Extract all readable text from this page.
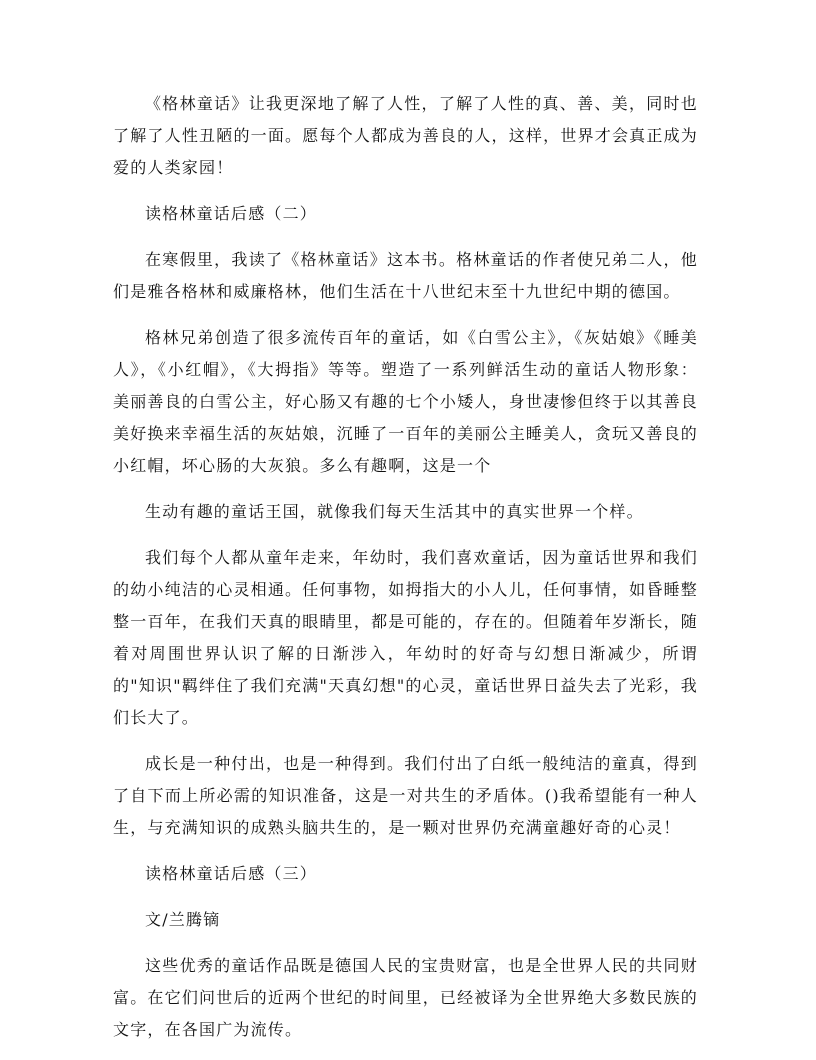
《格林童话》让我更深地了解了人性，了解了人性的真、善、美，同时也了解了人性丑陋的一面。愿每个人都成为善良的人，这样，世界才会真正成为爱的人类家园！

读格林童话后感（二）

在寒假里，我读了《格林童话》这本书。格林童话的作者使兄弟二人，他们是雅各格林和威廉格林，他们生活在十八世纪末至十九世纪中期的德国。

格林兄弟创造了很多流传百年的童话，如《白雪公主》，《灰姑娘》《睡美人》，《小红帽》，《大拇指》等等。塑造了一系列鲜活生动的童话人物形象：美丽善良的白雪公主，好心肠又有趣的七个小矮人，身世凄惨但终于以其善良美好换来幸福生活的灰姑娘，沉睡了一百年的美丽公主睡美人，贪玩又善良的小红帽，坏心肠的大灰狼。多么有趣啊，这是一个

生动有趣的童话王国，就像我们每天生活其中的真实世界一个样。

我们每个人都从童年走来，年幼时，我们喜欢童话，因为童话世界和我们的幼小纯洁的心灵相通。任何事物，如拇指大的小人儿，任何事情，如昏睡整整一百年，在我们天真的眼睛里，都是可能的，存在的。但随着年岁渐长，随着对周围世界认识了解的日渐涉入，年幼时的好奇与幻想日渐减少，所谓的"知识"羁绊住了我们充满"天真幻想"的心灵，童话世界日益失去了光彩，我们长大了。

成长是一种付出，也是一种得到。我们付出了白纸一般纯洁的童真，得到了自下而上所必需的知识准备，这是一对共生的矛盾体。()我希望能有一种人生，与充满知识的成熟头脑共生的，是一颗对世界仍充满童趣好奇的心灵！

读格林童话后感（三）

文/兰腾镝

这些优秀的童话作品既是德国人民的宝贵财富，也是全世界人民的共同财富。在它们问世后的近两个世纪的时间里，已经被译为全世界绝大多数民族的文字，在各国广为流传。
